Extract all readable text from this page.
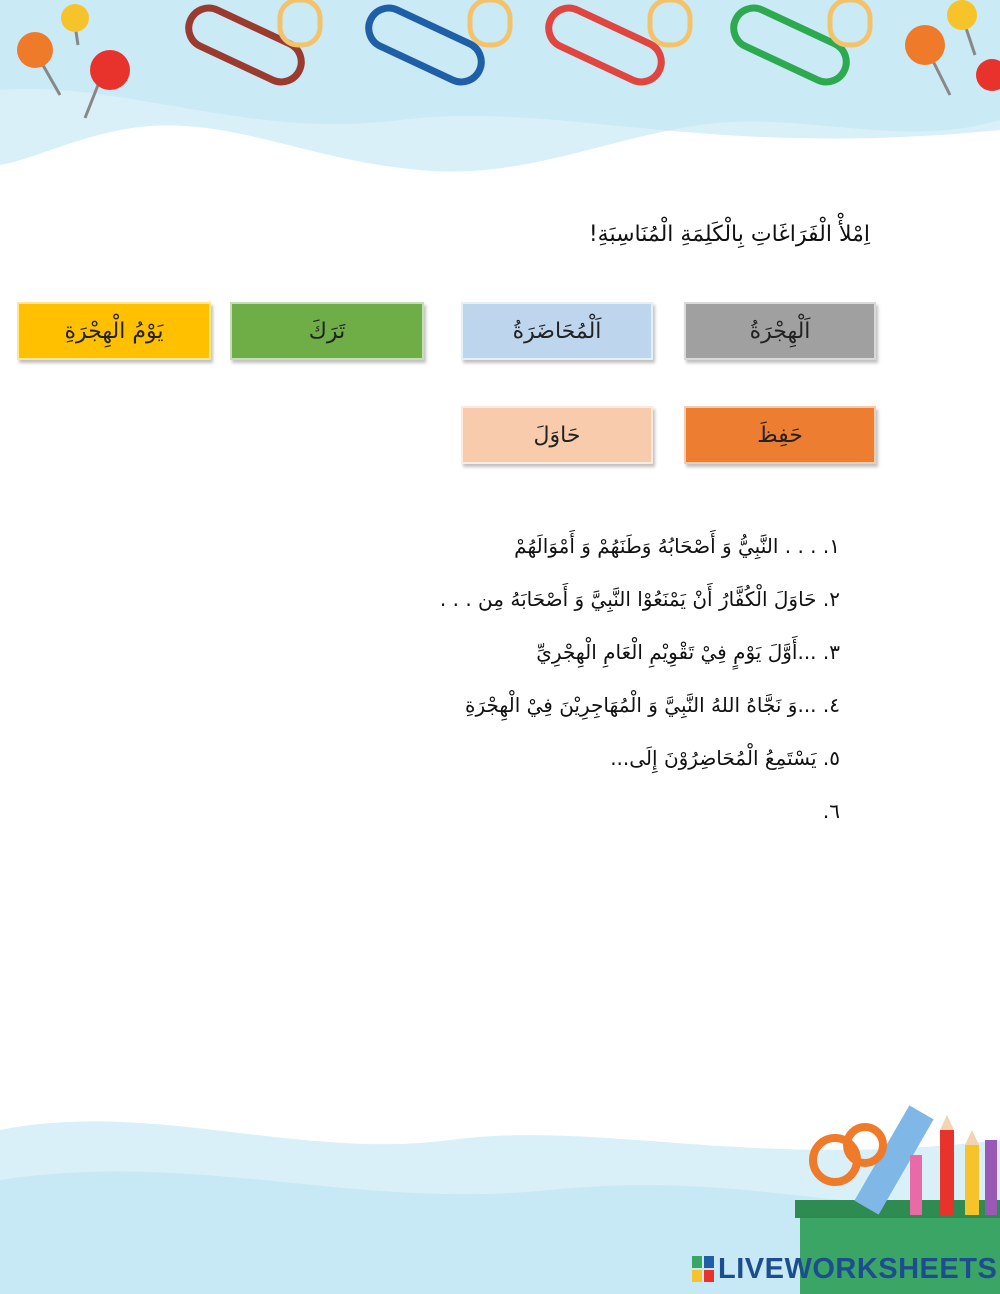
اِمْلأْ الْفَرَاغَاتِ بِالْكَلِمَةِ الْمُنَاسِبَةِ!
اَلْهِجْرَةُ
اَلْمُحَاضَرَةُ
تَرَكَ
يَوْمُ الْهِجْرَةِ
حَفِظَ
حَاوَلَ
١. . . . النَّبِيُّ وَ أَصْحَابُهُ وَطَنَهُمْ وَ أَمْوَالَهُمْ
٢. حَاوَلَ الْكُفَّارُ أَنْ يَمْنَعُوْا النَّبِيَّ وَ أَصْحَابَهُ مِن . . .
٣. ...أَوَّلَ يَوْمٍ فِيْ تَقْوِيْمِ الْعَامِ الْهِجْرِيِّ
٤. ...وَ نَجَّاهُ اللهُ النَّبِيَّ وَ الْمُهَاجِرِيْنَ فِيْ الْهِجْرَةِ
٥. يَسْتَمِعُ الْمُحَاضِرُوْنَ إِلَى...
٦.
LIVEWORKSHEETS
